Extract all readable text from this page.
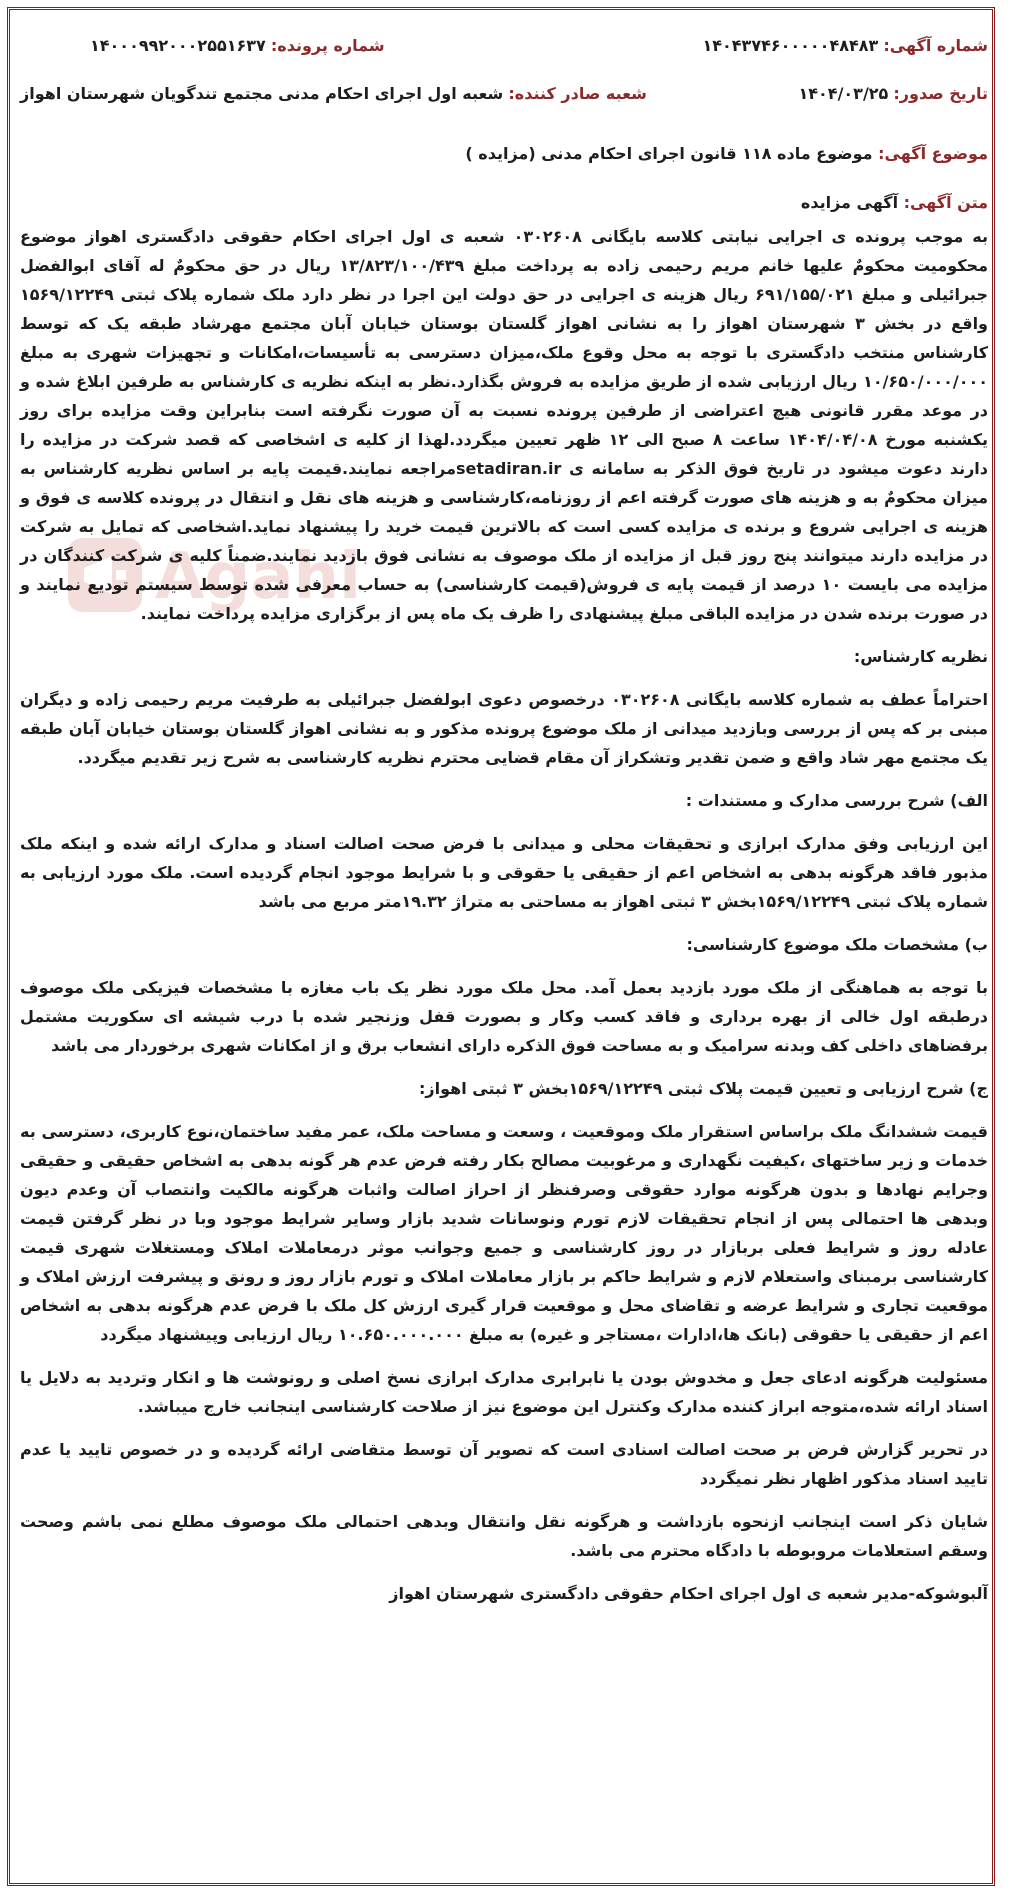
Agahi
شماره آگهی: ۱۴۰۴۳۷۴۶۰۰۰۰۰۴۸۴۸۳
شماره پرونده: ۱۴۰۰۰۹۹۲۰۰۰۲۵۵۱۶۳۷
تاریخ صدور: ۱۴۰۴/۰۳/۲۵
شعبه صادر کننده: شعبه اول اجرای احکام مدنی مجتمع تندگویان شهرستان اهواز
موضوع آگهی: موضوع ماده ۱۱۸ قانون اجرای احکام مدنی (مزایده )
متن آگهی: آگهی مزایده

به موجب پرونده ی اجرایی نیابتی کلاسه بایگانی ۰۳۰۲۶۰۸ شعبه ی اول اجرای احکام حقوقی دادگستری اهواز موضوع محکومیت محکومٌ علیها خانم مریم رحیمی زاده به پرداخت مبلغ ۱۳/۸۲۳/۱۰۰/۴۳۹ ریال در حق محکومٌ له آقای ابوالفضل جبرائیلی و مبلغ ۶۹۱/۱۵۵/۰۲۱ ریال هزینه ی اجرایی در حق دولت این اجرا در نظر دارد ملک شماره پلاک ثبتی ۱۵۶۹/۱۲۲۴۹ واقع در بخش ۳ شهرستان اهواز را به نشانی اهواز گلستان بوستان خیابان آبان مجتمع مهرشاد طبقه یک که توسط کارشناس منتخب دادگستری با توجه به محل وقوع ملک،میزان دسترسی به تأسیسات،امکانات و تجهیزات شهری به مبلغ ۱۰/۶۵۰/۰۰۰/۰۰۰ ریال ارزیابی شده از طریق مزایده به فروش بگذارد.نظر به اینکه نظریه ی کارشناس به طرفین ابلاغ شده و در موعد مقرر قانونی هیچ اعتراضی از طرفین پرونده نسبت به آن صورت نگرفته است بنابراین وقت مزایده برای روز یکشنبه مورخ ۱۴۰۴/۰۴/۰۸ ساعت ۸ صبح الی ۱۲ ظهر تعیین میگردد.لهذا از کلیه ی اشخاصی که قصد شرکت در مزایده را دارند دعوت میشود در تاریخ فوق الذکر به سامانه ی setadiran.irمراجعه نمایند.قیمت پایه بر اساس نظریه کارشناس به میزان محکومٌ به و هزینه های صورت گرفته اعم از روزنامه،کارشناسی و هزینه های نقل و انتقال در پرونده کلاسه ی فوق و هزینه ی اجرایی شروع و برنده ی مزایده کسی است که بالاترین قیمت خرید را پیشنهاد نماید.اشخاصی که تمایل به شرکت در مزایده دارند میتوانند پنج روز قبل از مزایده از ملک موصوف به نشانی فوق بازدید نمایند.ضمناً کلیه ی شرکت کنندگان در مزایده می بایست ۱۰ درصد از قیمت پایه ی فروش(قیمت کارشناسی) به حساب معرفی شده توسط سیستم تودیع نمایند و در صورت برنده شدن در مزایده الباقی مبلغ پیشنهادی را ظرف یک ماه پس از برگزاری مزایده پرداخت نمایند.

نظریه کارشناس:

احتراماً عطف به شماره کلاسه بایگانی ۰۳۰۲۶۰۸ درخصوص دعوی ابولفضل جبرائیلی به طرفیت مریم رحیمی زاده و دیگران مبنی بر که پس از بررسی وبازدید میدانی از ملک موضوع پرونده مذکور و به نشانی اهواز گلستان بوستان خیابان آبان طبقه یک مجتمع مهر شاد واقع و ضمن تقدیر وتشکراز آن مقام قضایی محترم نظریه کارشناسی به شرح زیر تقدیم میگردد.

الف) شرح بررسی مدارک و مستندات :

این ارزیابی وفق مدارک ابرازی و تحقیقات محلی و میدانی با فرض صحت اصالت اسناد و مدارک ارائه شده و اینکه ملک مذبور فاقد هرگونه بدهی به اشخاص اعم از حقیقی یا حقوقی و با شرایط موجود انجام گردیده است. ملک مورد ارزیابی به شماره پلاک ثبتی ۱۵۶۹/۱۲۲۴۹بخش ۳ ثبتی اهواز به مساحتی به متراژ ۱۹.۳۲متر مربع می باشد

ب) مشخصات ملک موضوع کارشناسی:

با توجه به هماهنگی از ملک مورد بازدید بعمل آمد. محل ملک مورد نظر یک باب مغازه با مشخصات فیزیکی ملک موصوف درطبقه اول خالی از بهره برداری و فاقد کسب وکار و بصورت قفل وزنجیر شده با درب شیشه ای سکوریت مشتمل برفضاهای داخلی کف وبدنه سرامیک و به مساحت فوق الذکره دارای انشعاب برق و از امکانات شهری برخوردار می باشد

ج) شرح ارزیابی و تعیین قیمت پلاک ثبتی ۱۵۶۹/۱۲۲۴۹بخش ۳ ثبتی اهواز:

قیمت ششدانگ ملک براساس استقرار ملک وموقعیت ، وسعت و مساحت ملک، عمر مفید ساختمان،نوع کاربری، دسترسی به خدمات و زیر ساختهای ،کیفیت نگهداری و مرغوبیت مصالح بکار رفته فرض عدم هر گونه بدهی به اشخاص حقیقی و حقیقی وجرایم نهادها و بدون هرگونه موارد حقوقی وصرفنظر از احراز اصالت واثبات هرگونه مالکیت وانتصاب آن وعدم دیون وبدهی ها احتمالی پس از انجام تحقیقات لازم تورم ونوسانات شدید بازار وسایر شرایط موجود وبا در نظر گرفتن قیمت عادله روز و شرایط فعلی بربازار در روز کارشناسی و جمیع وجوانب موثر درمعاملات املاک ومستغلات شهری قیمت کارشناسی برمبنای واستعلام لازم و شرایط حاکم بر بازار معاملات املاک و تورم بازار روز و رونق و پیشرفت ارزش املاک و موقعیت تجاری و شرایط عرضه و تقاضای محل و موقعیت قرار گیری ارزش کل ملک با فرض عدم هرگونه بدهی به اشخاص اعم از حقیقی یا حقوقی (بانک ها،ادارات ،مستاجر و غیره) به مبلغ ۱۰.۶۵۰.۰۰۰.۰۰۰ ریال ارزیابی وپیشنهاد میگردد

مسئولیت هرگونه ادعای جعل و مخدوش بودن یا نابرابری مدارک ابرازی نسخ اصلی و رونوشت ها و انکار وتردید به دلایل یا اسناد ارائه شده،متوجه ابراز کننده مدارک وکنترل این موضوع نیز از صلاحت کارشناسی اینجانب خارج میباشد.

در تحریر گزارش فرض بر صحت اصالت اسنادی است که تصویر آن توسط متقاضی ارائه گردیده و در خصوص تایید یا عدم تایید اسناد مذکور اظهار نظر نمیگردد

شایان ذکر است اینجانب ازنحوه بازداشت و هرگونه نقل وانتقال وبدهی احتمالی ملک موصوف مطلع نمی باشم وصحت وسقم استعلامات مروبوطه با دادگاه محترم می باشد.

آلبوشوکه-مدیر شعبه ی اول اجرای احکام حقوقی دادگستری شهرستان اهواز
